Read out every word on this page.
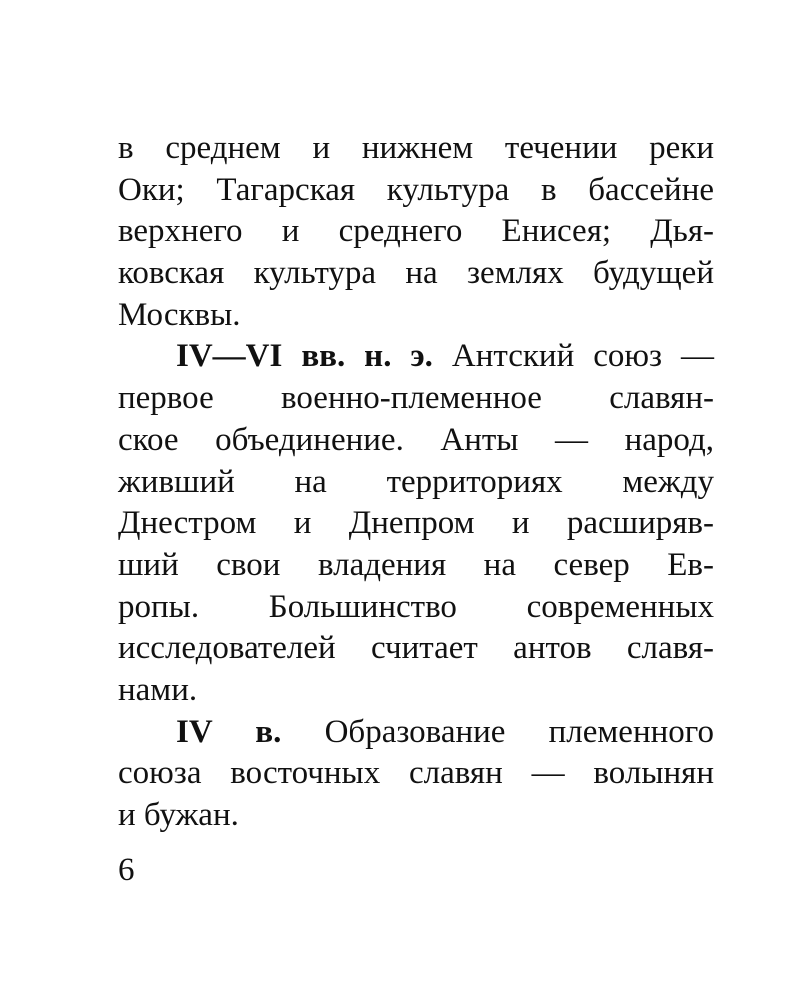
в среднем и нижнем течении реки
Оки; Тагарская культура в бассейне
верхнего и среднего Енисея; Дья-
ковская культура на землях будущей
Москвы.
IV—VI вв. н. э. Антский союз —
первое военно-племенное славян-
ское объединение. Анты — народ,
живший на территориях между
Днестром и Днепром и расширяв-
ший свои владения на север Ев-
ропы. Большинство современных
исследователей считает антов славя-
нами.
IV в. Образование племенного
союза восточных славян — волынян
и бужан.
6
